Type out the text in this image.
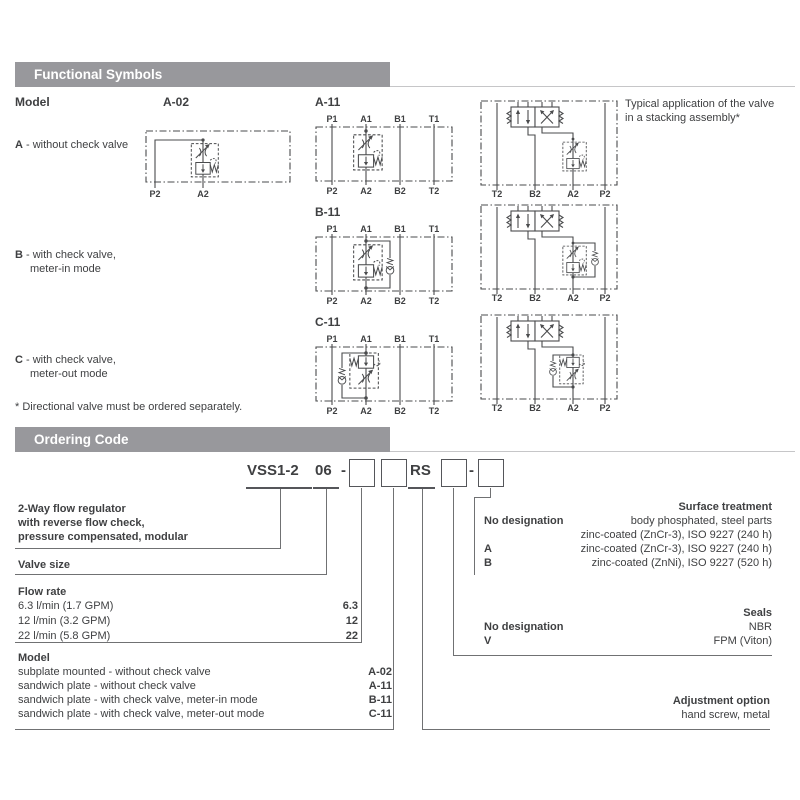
Functional Symbols
Model	A-02	A-11	Typical application of the valve
in a stacking assembly*
A - without check valve
B - with check valve,
meter-in mode
C - with check valve,
meter-out mode
B-11
C-11
* Directional valve must be ordered separately.
P2	A2
P1	A1 B1	T1
P2	A2 B2	T2
P1	A1 B1	T1
P2	A2 B2	T2
P1	A1 B1	T1
P2	A2 B2	T2
T2	B2	A2 P2
T2	B2	A2 P2
T2	B2	A2 P2
Ordering Code
VSS1-2 06 -	RS	-
2-Way flow regulator
with reverse flow check,
pressure compensated, modular
Valve size
Flow rate
6.3 l/min (1.7 GPM)	6.3
12 l/min (3.2 GPM)	12
22 l/min (5.8 GPM)	22
Model
subplate mounted - without check valve	A-02
sandwich plate - without check valve	A-11
sandwich plate - with check valve, meter-in mode	B-11
sandwich plate - with check valve, meter-out mode	C-11
Surface treatment
No designation	body phosphated, steel parts
zinc-coated (ZnCr-3), ISO 9227 (240 h)
A	zinc-coated (ZnCr-3), ISO 9227 (240 h)
B	zinc-coated (ZnNi), ISO 9227 (520 h)
Seals
No designation	NBR
V	FPM (Viton)
Adjustment option
hand screw, metal
